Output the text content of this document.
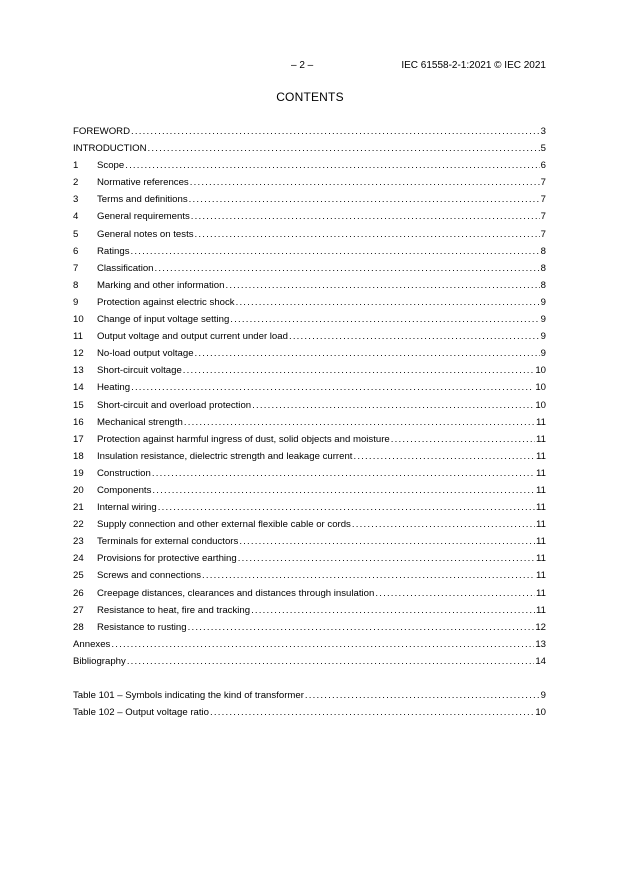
– 2 –	IEC 61558-2-1:2021 © IEC 2021
CONTENTS
FOREWORD .....	3
INTRODUCTION .....	5
1 Scope .....	6
2 Normative references .....	7
3 Terms and definitions .....	7
4 General requirements .....	7
5 General notes on tests .....	7
6 Ratings .....	8
7 Classification .....	8
8 Marking and other information .....	8
9 Protection against electric shock .....	9
10 Change of input voltage setting .....	9
11 Output voltage and output current under load .....	9
12 No-load output voltage .....	9
13 Short-circuit voltage .....	10
14 Heating .....	10
15 Short-circuit and overload protection .....	10
16 Mechanical strength .....	11
17 Protection against harmful ingress of dust, solid objects and moisture .....	11
18 Insulation resistance, dielectric strength and leakage current .....	11
19 Construction .....	11
20 Components .....	11
21 Internal wiring .....	11
22 Supply connection and other external flexible cable or cords .....	11
23 Terminals for external conductors .....	11
24 Provisions for protective earthing .....	11
25 Screws and connections .....	11
26 Creepage distances, clearances and distances through insulation .....	11
27 Resistance to heat, fire and tracking .....	11
28 Resistance to rusting .....	12
Annexes .....	13
Bibliography .....	14
Table 101 – Symbols indicating the kind of transformer .....	9
Table 102 – Output voltage ratio .....	10
